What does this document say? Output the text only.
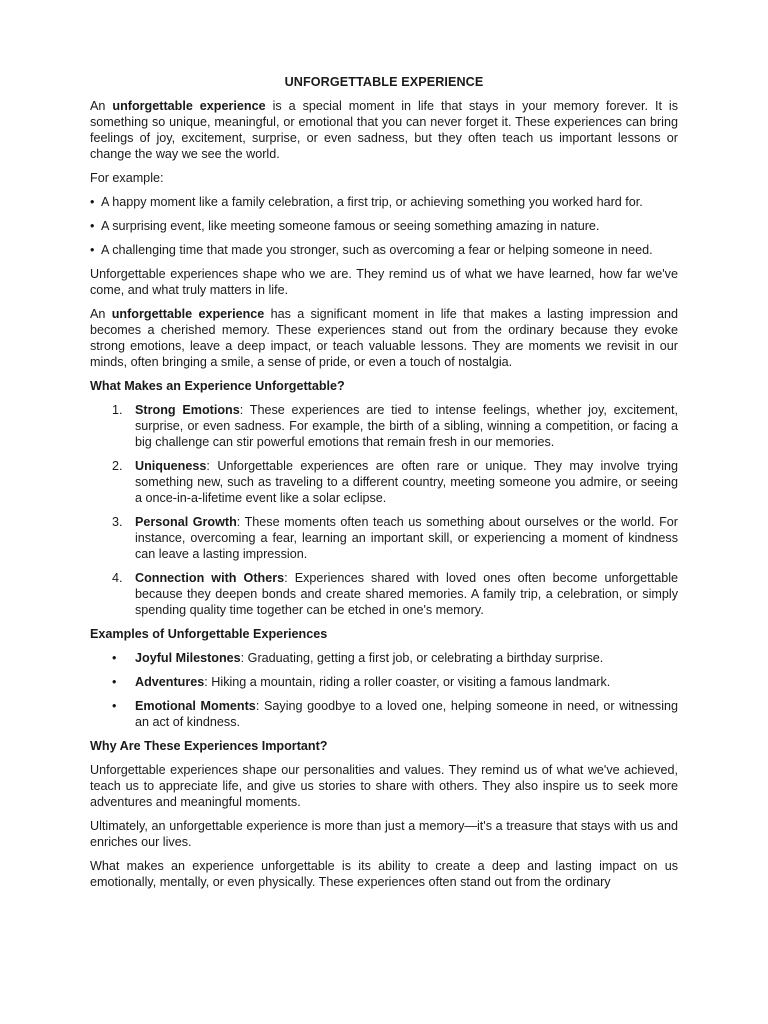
UNFORGETTABLE EXPERIENCE

An unforgettable experience is a special moment in life that stays in your memory forever. It is something so unique, meaningful, or emotional that you can never forget it. These experiences can bring feelings of joy, excitement, surprise, or even sadness, but they often teach us important lessons or change the way we see the world.

For example:

• A happy moment like a family celebration, a first trip, or achieving something you worked hard for.
• A surprising event, like meeting someone famous or seeing something amazing in nature.
• A challenging time that made you stronger, such as overcoming a fear or helping someone in need.

Unforgettable experiences shape who we are. They remind us of what we have learned, how far we've come, and what truly matters in life.

An unforgettable experience has a significant moment in life that makes a lasting impression and becomes a cherished memory. These experiences stand out from the ordinary because they evoke strong emotions, leave a deep impact, or teach valuable lessons. They are moments we revisit in our minds, often bringing a smile, a sense of pride, or even a touch of nostalgia.

What Makes an Experience Unforgettable?
1. Strong Emotions: These experiences are tied to intense feelings, whether joy, excitement, surprise, or even sadness. For example, the birth of a sibling, winning a competition, or facing a big challenge can stir powerful emotions that remain fresh in our memories.
2. Uniqueness: Unforgettable experiences are often rare or unique. They may involve trying something new, such as traveling to a different country, meeting someone you admire, or seeing a once-in-a-lifetime event like a solar eclipse.
3. Personal Growth: These moments often teach us something about ourselves or the world. For instance, overcoming a fear, learning an important skill, or experiencing a moment of kindness can leave a lasting impression.
4. Connection with Others: Experiences shared with loved ones often become unforgettable because they deepen bonds and create shared memories. A family trip, a celebration, or simply spending quality time together can be etched in one's memory.
Examples of Unforgettable Experiences
• Joyful Milestones: Graduating, getting a first job, or celebrating a birthday surprise.
• Adventures: Hiking a mountain, riding a roller coaster, or visiting a famous landmark.
• Emotional Moments: Saying goodbye to a loved one, helping someone in need, or witnessing an act of kindness.
Why Are These Experiences Important?

Unforgettable experiences shape our personalities and values. They remind us of what we've achieved, teach us to appreciate life, and give us stories to share with others. They also inspire us to seek more adventures and meaningful moments.

Ultimately, an unforgettable experience is more than just a memory—it's a treasure that stays with us and enriches our lives.

What makes an experience unforgettable is its ability to create a deep and lasting impact on us emotionally, mentally, or even physically. These experiences often stand out from the ordinary
